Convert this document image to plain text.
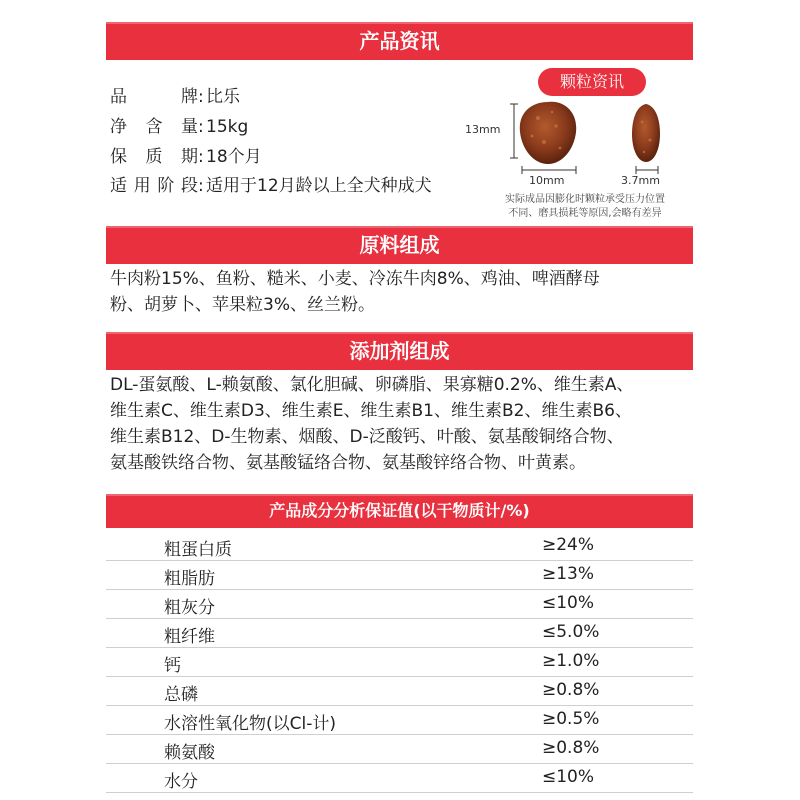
产品资讯
品牌: 比乐
净含量: 15kg
保质期: 18个月
适用阶段: 适用于12月龄以上全犬种成犬
颗粒资讯
13mm
10mm	3.7mm
实际成品因膨化时颗粒承受压力位置
不同、磨具损耗等原因,会略有差异
原料组成
牛肉粉15%、鱼粉、糙米、小麦、冷冻牛肉8%、鸡油、啤酒酵母
粉、胡萝卜、苹果粒3%、丝兰粉。
添加剂组成
DL-蛋氨酸、L-赖氨酸、氯化胆碱、卵磷脂、果寡糖0.2%、维生素A、
维生素C、维生素D3、维生素E、维生素B1、维生素B2、维生素B6、
维生素B12、D-生物素、烟酸、D-泛酸钙、叶酸、氨基酸铜络合物、
氨基酸铁络合物、氨基酸锰络合物、氨基酸锌络合物、叶黄素。
产品成分分析保证值(以干物质计/%)
粗蛋白质	≥24%
粗脂肪	≥13%
粗灰分	≤10%
粗纤维	≤5.0%
钙	≥1.0%
总磷	≥0.8%
水溶性氧化物(以Cl-计)	≥0.5%
赖氨酸	≥0.8%
水分	≤10%
